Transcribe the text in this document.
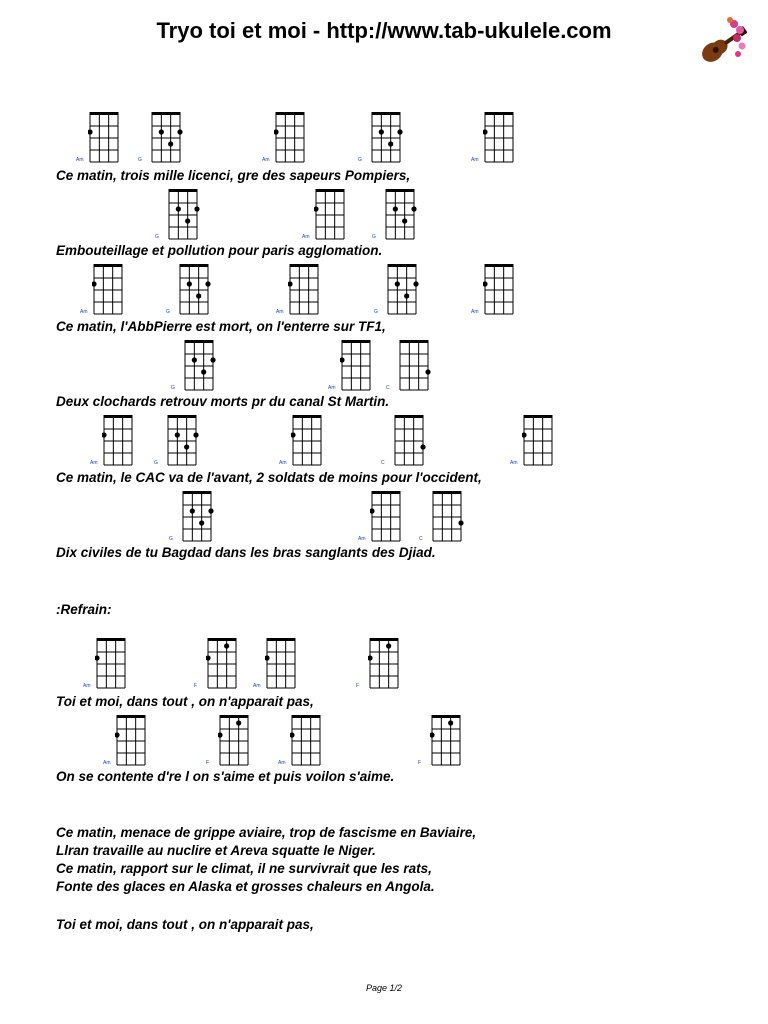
Tryo toi et moi - http://www.tab-ukulele.com
Am	G	Am	G	Am
G	Am	G
Am	G	Am	G	Am
G	Am	C
Am	G	Am	C	Am
G	Am	C
Am	F	Am	F
Am	F	Am	F
Ce matin, trois mille licenci, gre des sapeurs Pompiers,
Embouteillage et pollution pour paris agglomation.
Ce matin, l'AbbPierre est mort, on l'enterre sur TF1,
Deux clochards retrouv morts pr du canal St Martin.
Ce matin, le CAC va de l'avant, 2 soldats de moins pour l'occident,
Dix civiles de tu Bagdad dans les bras sanglants des Djiad.
:Refrain:
Toi et moi, dans tout , on n'apparait pas,
On se contente d're l on s'aime et puis voilon s'aime.
Ce matin, menace de grippe aviaire, trop de fascisme en Baviaire,
Llran travaille au nuclire et Areva squatte le Niger.
Ce matin, rapport sur le climat, il ne survivrait que les rats,
Fonte des glaces en Alaska et grosses chaleurs en Angola.
Toi et moi, dans tout , on n'apparait pas,
Page 1/2
